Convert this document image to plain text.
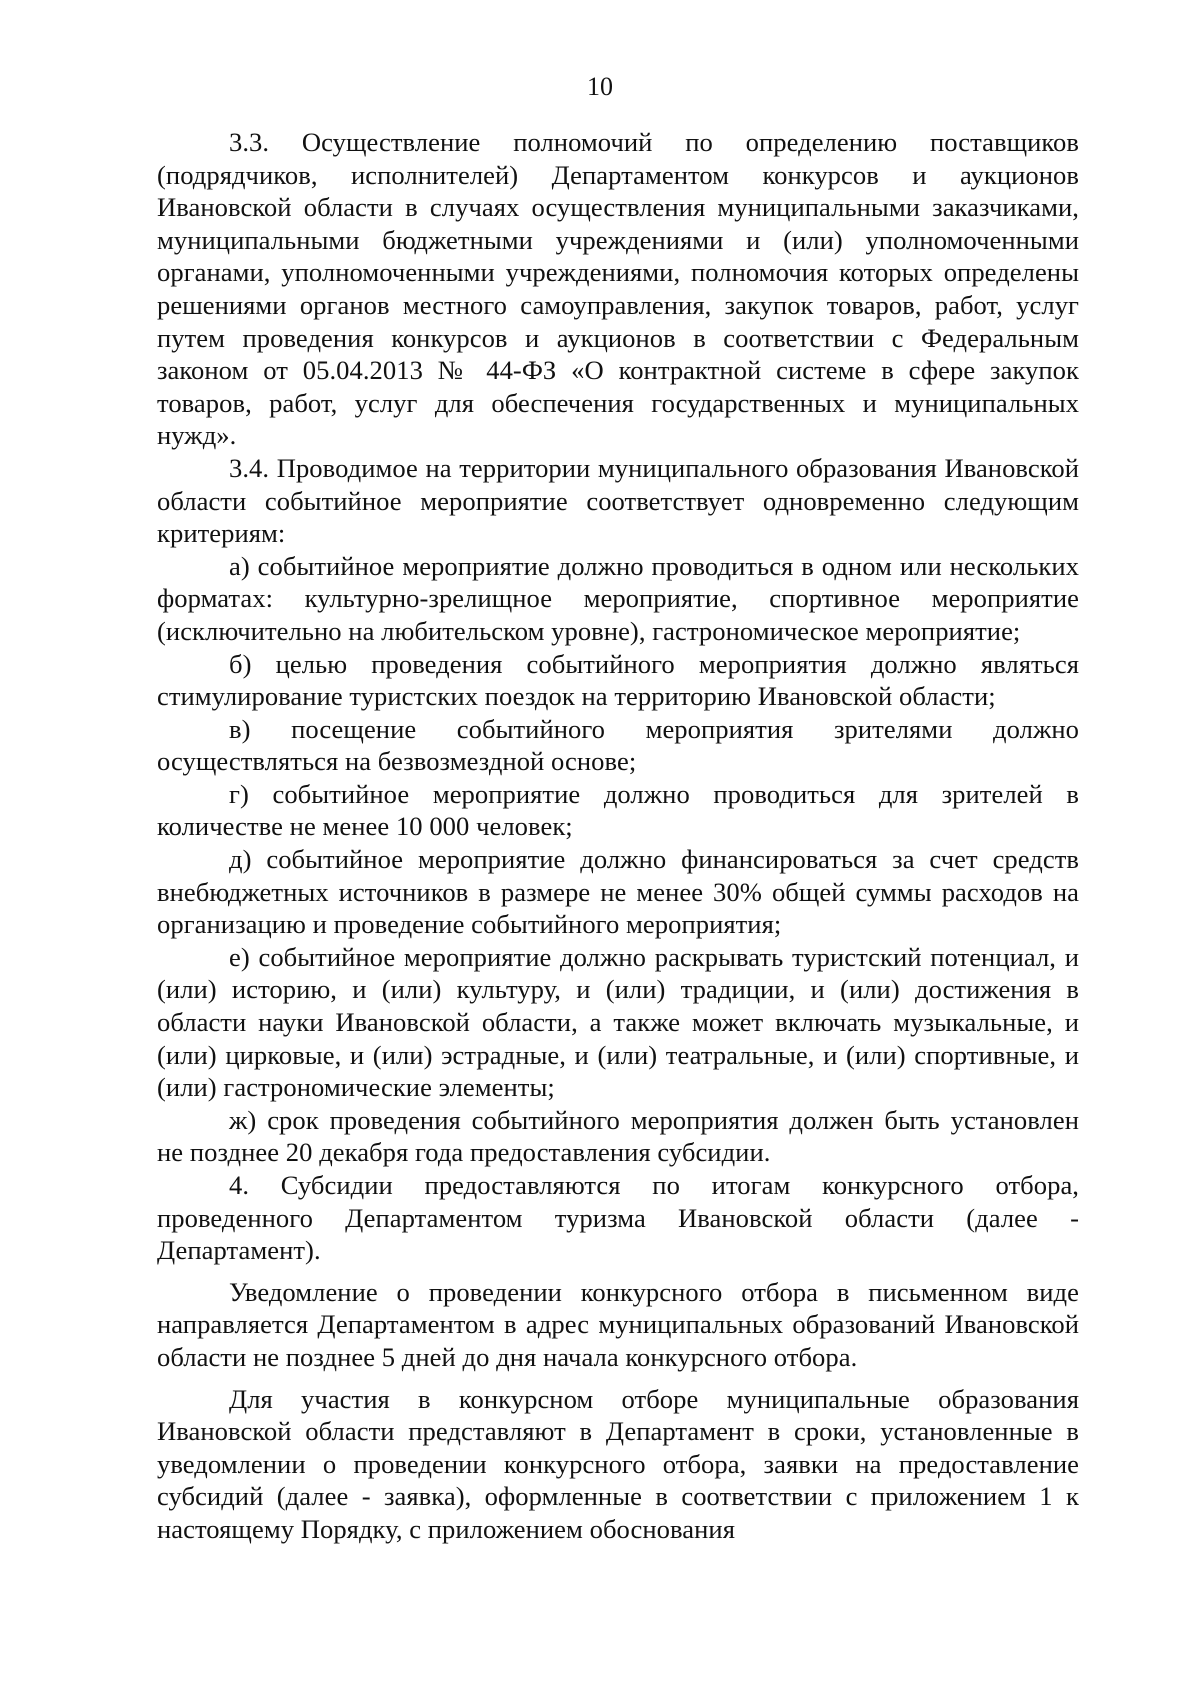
10

3.3. Осуществление полномочий по определению поставщиков (подрядчиков, исполнителей) Департаментом конкурсов и аукционов Ивановской области в случаях осуществления муниципальными заказчиками, муниципальными бюджетными учреждениями и (или) уполномоченными органами, уполномоченными учреждениями, полномочия которых определены решениями органов местного самоуправления, закупок товаров, работ, услуг путем проведения конкурсов и аукционов в соответствии с Федеральным законом от 05.04.2013 № 44-ФЗ «О контрактной системе в сфере закупок товаров, работ, услуг для обеспечения государственных и муниципальных нужд».

3.4. Проводимое на территории муниципального образования Ивановской области событийное мероприятие соответствует одновременно следующим критериям:

а) событийное мероприятие должно проводиться в одном или нескольких форматах: культурно-зрелищное мероприятие, спортивное мероприятие (исключительно на любительском уровне), гастрономическое мероприятие;

б) целью проведения событийного мероприятия должно являться стимулирование туристских поездок на территорию Ивановской области;

в) посещение событийного мероприятия зрителями должно осуществляться на безвозмездной основе;

г) событийное мероприятие должно проводиться для зрителей в количестве не менее 10 000 человек;

д) событийное мероприятие должно финансироваться за счет средств внебюджетных источников в размере не менее 30% общей суммы расходов на организацию и проведение событийного мероприятия;

е) событийное мероприятие должно раскрывать туристский потенциал, и (или) историю, и (или) культуру, и (или) традиции, и (или) достижения в области науки Ивановской области, а также может включать музыкальные, и (или) цирковые, и (или) эстрадные, и (или) театральные, и (или) спортивные, и (или) гастрономические элементы;

ж) срок проведения событийного мероприятия должен быть установлен не позднее 20 декабря года предоставления субсидии.

4. Субсидии предоставляются по итогам конкурсного отбора, проведенного Департаментом туризма Ивановской области (далее - Департамент).

Уведомление о проведении конкурсного отбора в письменном виде направляется Департаментом в адрес муниципальных образований Ивановской области не позднее 5 дней до дня начала конкурсного отбора.

Для участия в конкурсном отборе муниципальные образования Ивановской области представляют в Департамент в сроки, установленные в уведомлении о проведении конкурсного отбора, заявки на предоставление субсидий (далее - заявка), оформленные в соответствии с приложением 1 к настоящему Порядку, с приложением обоснования
